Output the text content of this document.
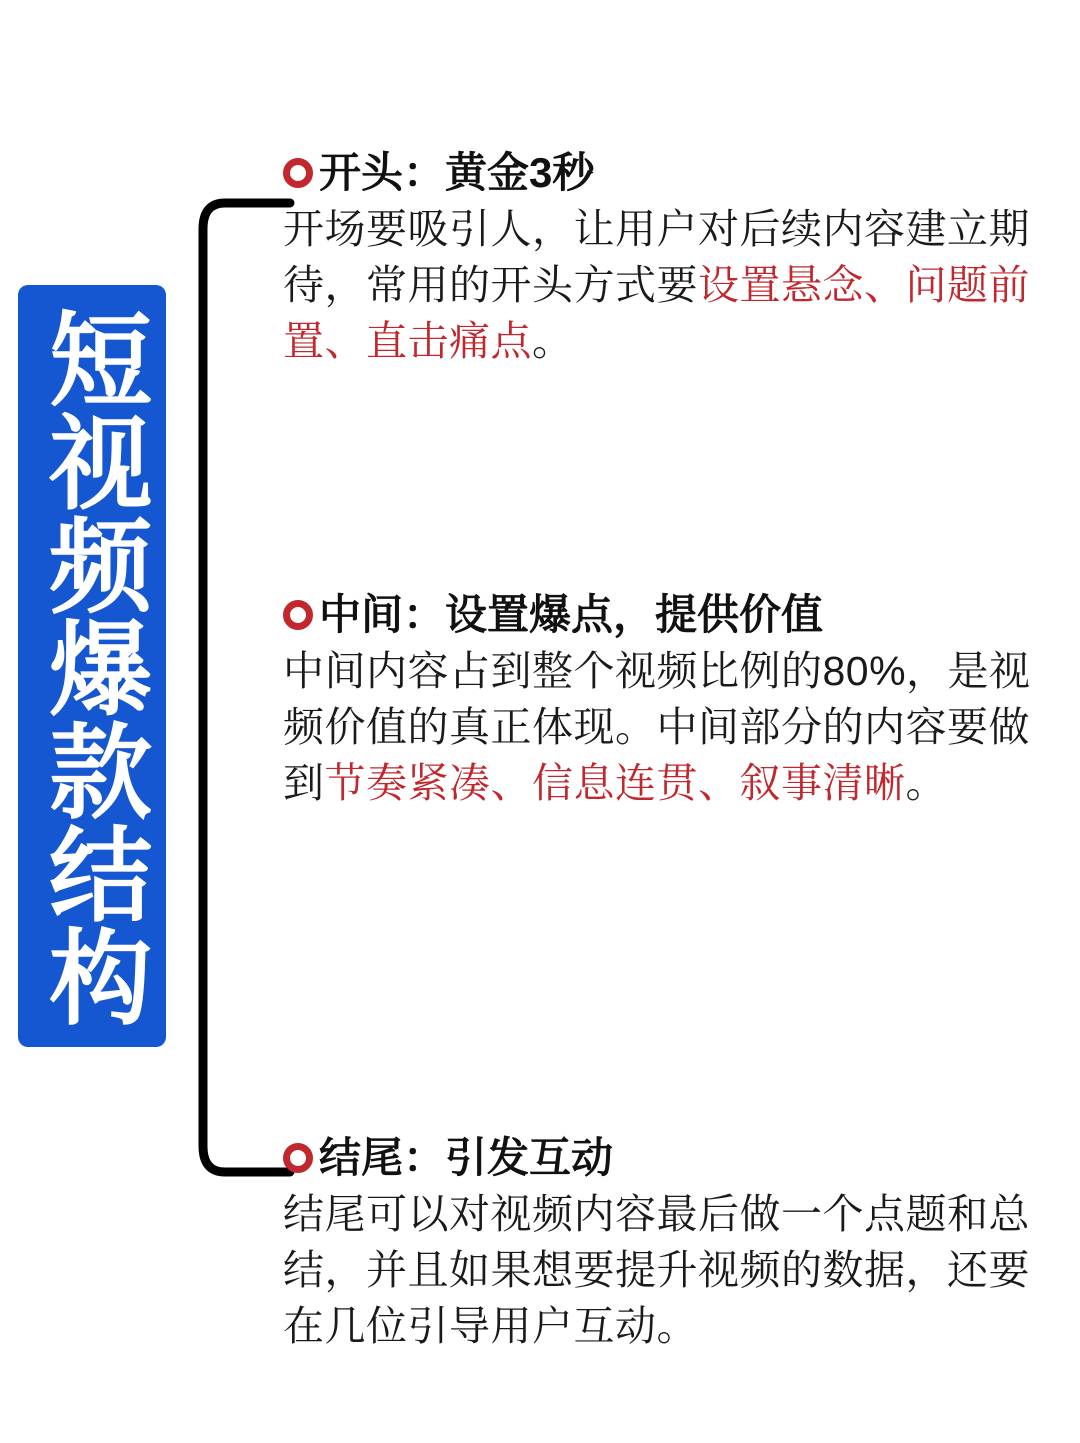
短视频爆款结构
开头：黄金3秒
开场要吸引人，让用户对后续内容建立期待，常用的开头方式要设置悬念、问题前置、直击痛点。
中间：设置爆点，提供价值
中间内容占到整个视频比例的80%，是视频价值的真正体现。中间部分的内容要做到节奏紧凑、信息连贯、叙事清晰。
结尾：引发互动
结尾可以对视频内容最后做一个点题和总结，并且如果想要提升视频的数据，还要在几位引导用户互动。
